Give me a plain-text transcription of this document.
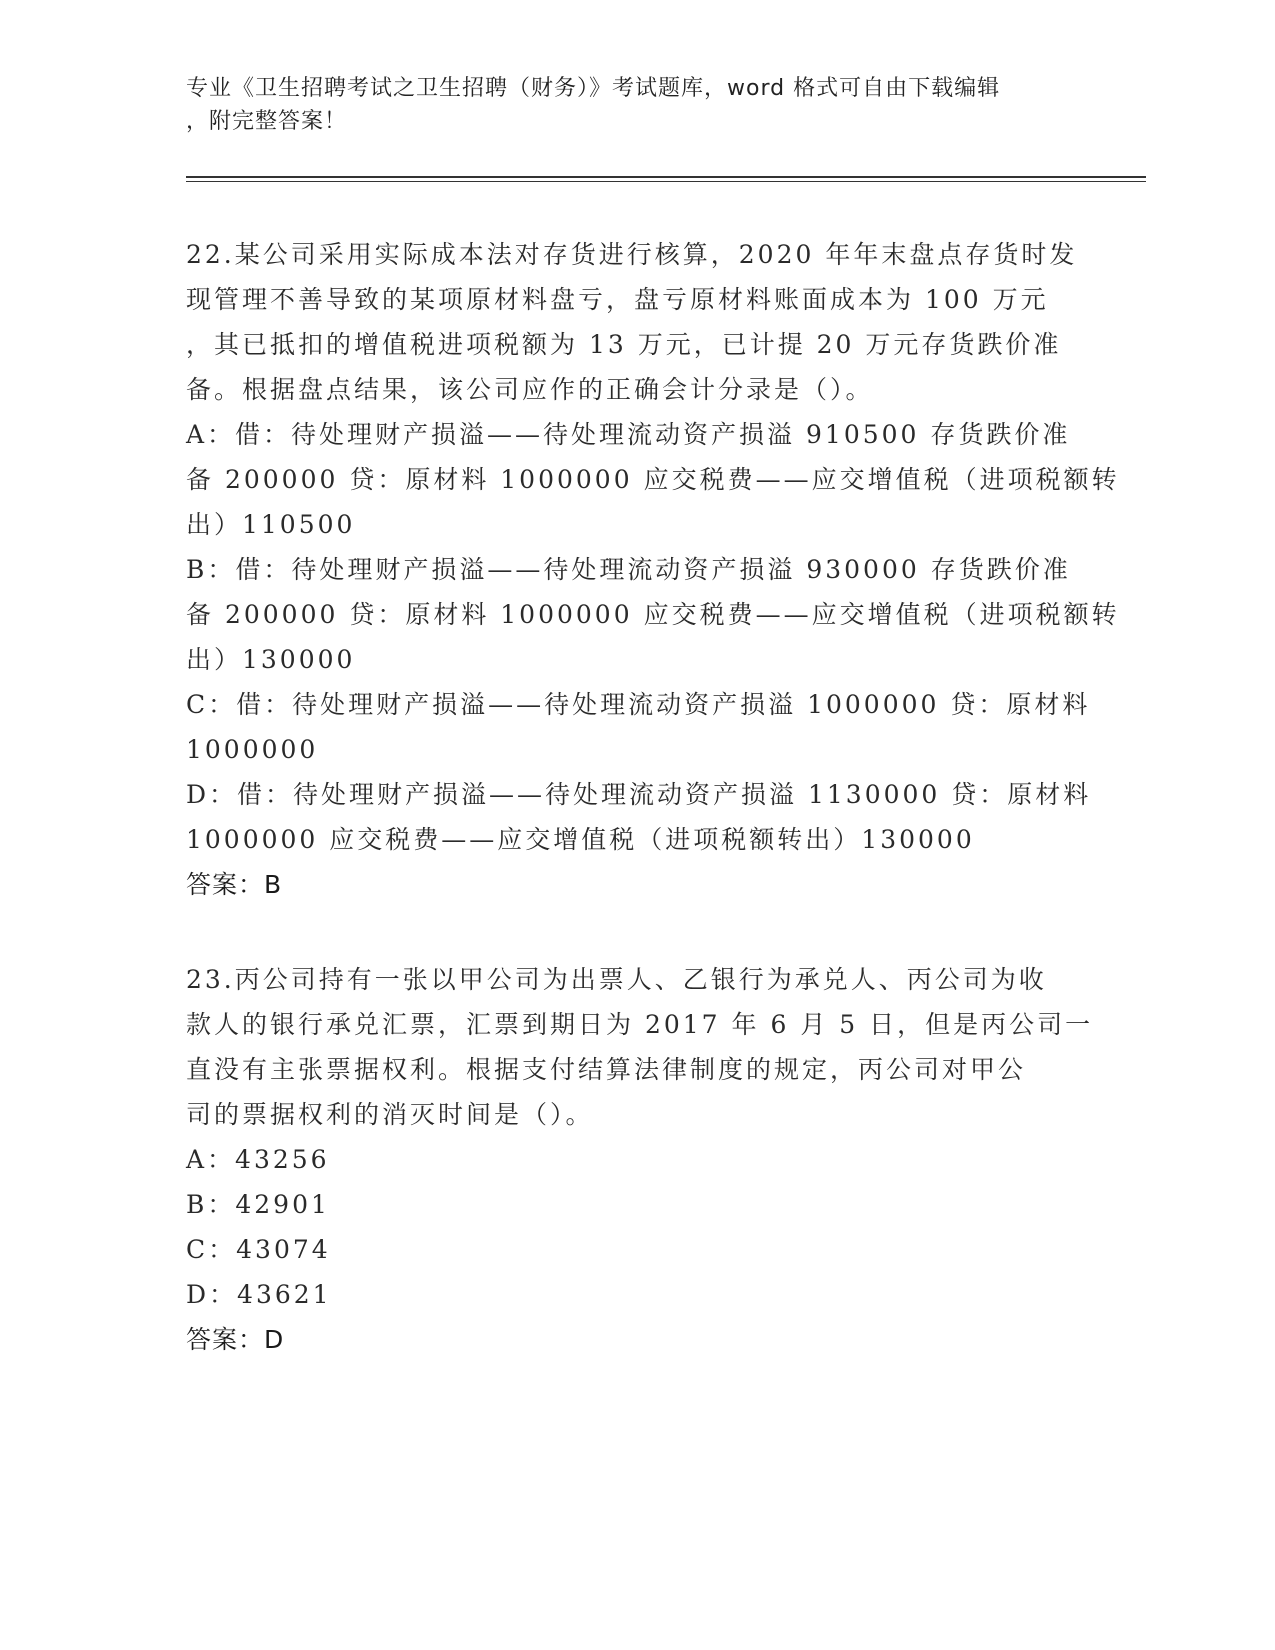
专业《卫生招聘考试之卫生招聘（财务）》考试题库，word 格式可自由下载编辑
，附完整答案！
22.某公司采用实际成本法对存货进行核算，2020 年年末盘点存货时发
现管理不善导致的某项原材料盘亏，盘亏原材料账面成本为 100 万元
，其已抵扣的增值税进项税额为 13 万元，已计提 20 万元存货跌价准
备。根据盘点结果，该公司应作的正确会计分录是（）。
A：借：待处理财产损溢——待处理流动资产损溢 910500 存货跌价准
备 200000 贷：原材料 1000000 应交税费——应交增值税（进项税额转
出）110500
B：借：待处理财产损溢——待处理流动资产损溢 930000 存货跌价准
备 200000 贷：原材料 1000000 应交税费——应交增值税（进项税额转
出）130000
C：借：待处理财产损溢——待处理流动资产损溢 1000000 贷：原材料
1000000
D：借：待处理财产损溢——待处理流动资产损溢 1130000 贷：原材料
1000000 应交税费——应交增值税（进项税额转出）130000
答案：B
23.丙公司持有一张以甲公司为出票人、乙银行为承兑人、丙公司为收
款人的银行承兑汇票，汇票到期日为 2017 年 6 月 5 日，但是丙公司一
直没有主张票据权利。根据支付结算法律制度的规定，丙公司对甲公
司的票据权利的消灭时间是（）。
A：43256
B：42901
C：43074
D：43621
答案：D
